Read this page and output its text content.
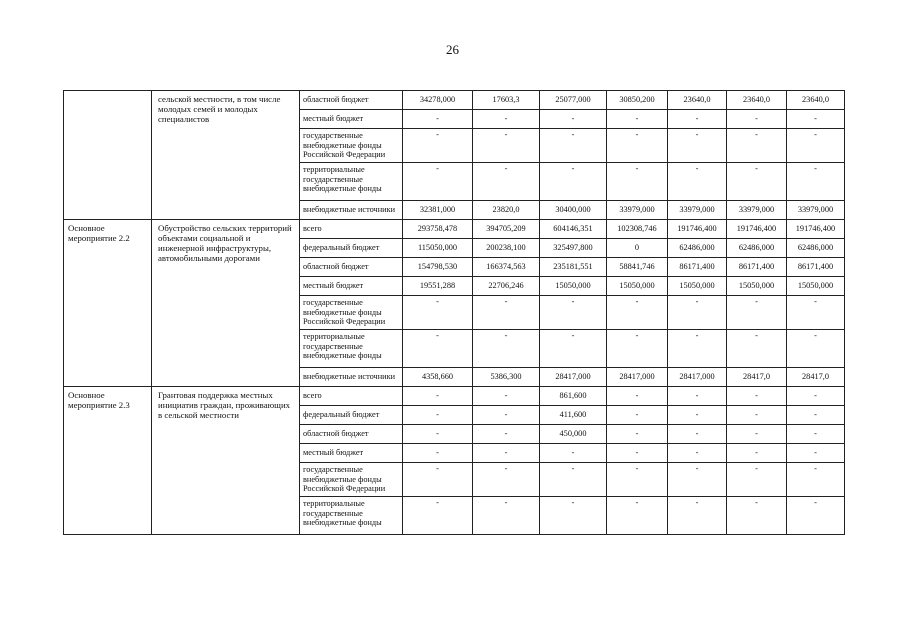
26
	сельской местности, в том числе молодых семей и молодых специалистов	областной бюджет	34278,000	17603,3	25077,000	30850,200	23640,0	23640,0	23640,0
		местный бюджет	-	-	-	-	-	-	-
		государственные внебюджетные фонды Российской Федерации	-	-	-	-	-	-	-
		территориальные государственные внебюджетные фонды	-	-	-	-	-	-	-
		внебюджетные источники	32381,000	23820,0	30400,000	33979,000	33979,000	33979,000	33979,000
Основное мероприятие 2.2	Обустройство сельских территорий объектами социальной и инженерной инфраструктуры, автомобильными дорогами	всего	293758,478	394705,209	604146,351	102308,746	191746,400	191746,400	191746,400
		федеральный бюджет	115050,000	200238,100	325497,800	0	62486,000	62486,000	62486,000
		областной бюджет	154798,530	166374,563	235181,551	58841,746	86171,400	86171,400	86171,400
		местный бюджет	19551,288	22706,246	15050,000	15050,000	15050,000	15050,000	15050,000
		государственные внебюджетные фонды Российской Федерации	-	-	-	-	-	-	-
		территориальные государственные внебюджетные фонды	-	-	-	-	-	-	-
		внебюджетные источники	4358,660	5386,300	28417,000	28417,000	28417,000	28417,0	28417,0
Основное мероприятие 2.3	Грантовая поддержка местных инициатив граждан, проживающих в сельской местности	всего	-	-	861,600	-	-	-	-
		федеральный бюджет	-	-	411,600	-	-	-	-
		областной бюджет	-	-	450,000	-	-	-	-
		местный бюджет	-	-	-	-	-	-	-
		государственные внебюджетные фонды Российской Федерации	-	-	-	-	-	-	-
		территориальные государственные внебюджетные фонды	-	-	-	-	-	-	-
